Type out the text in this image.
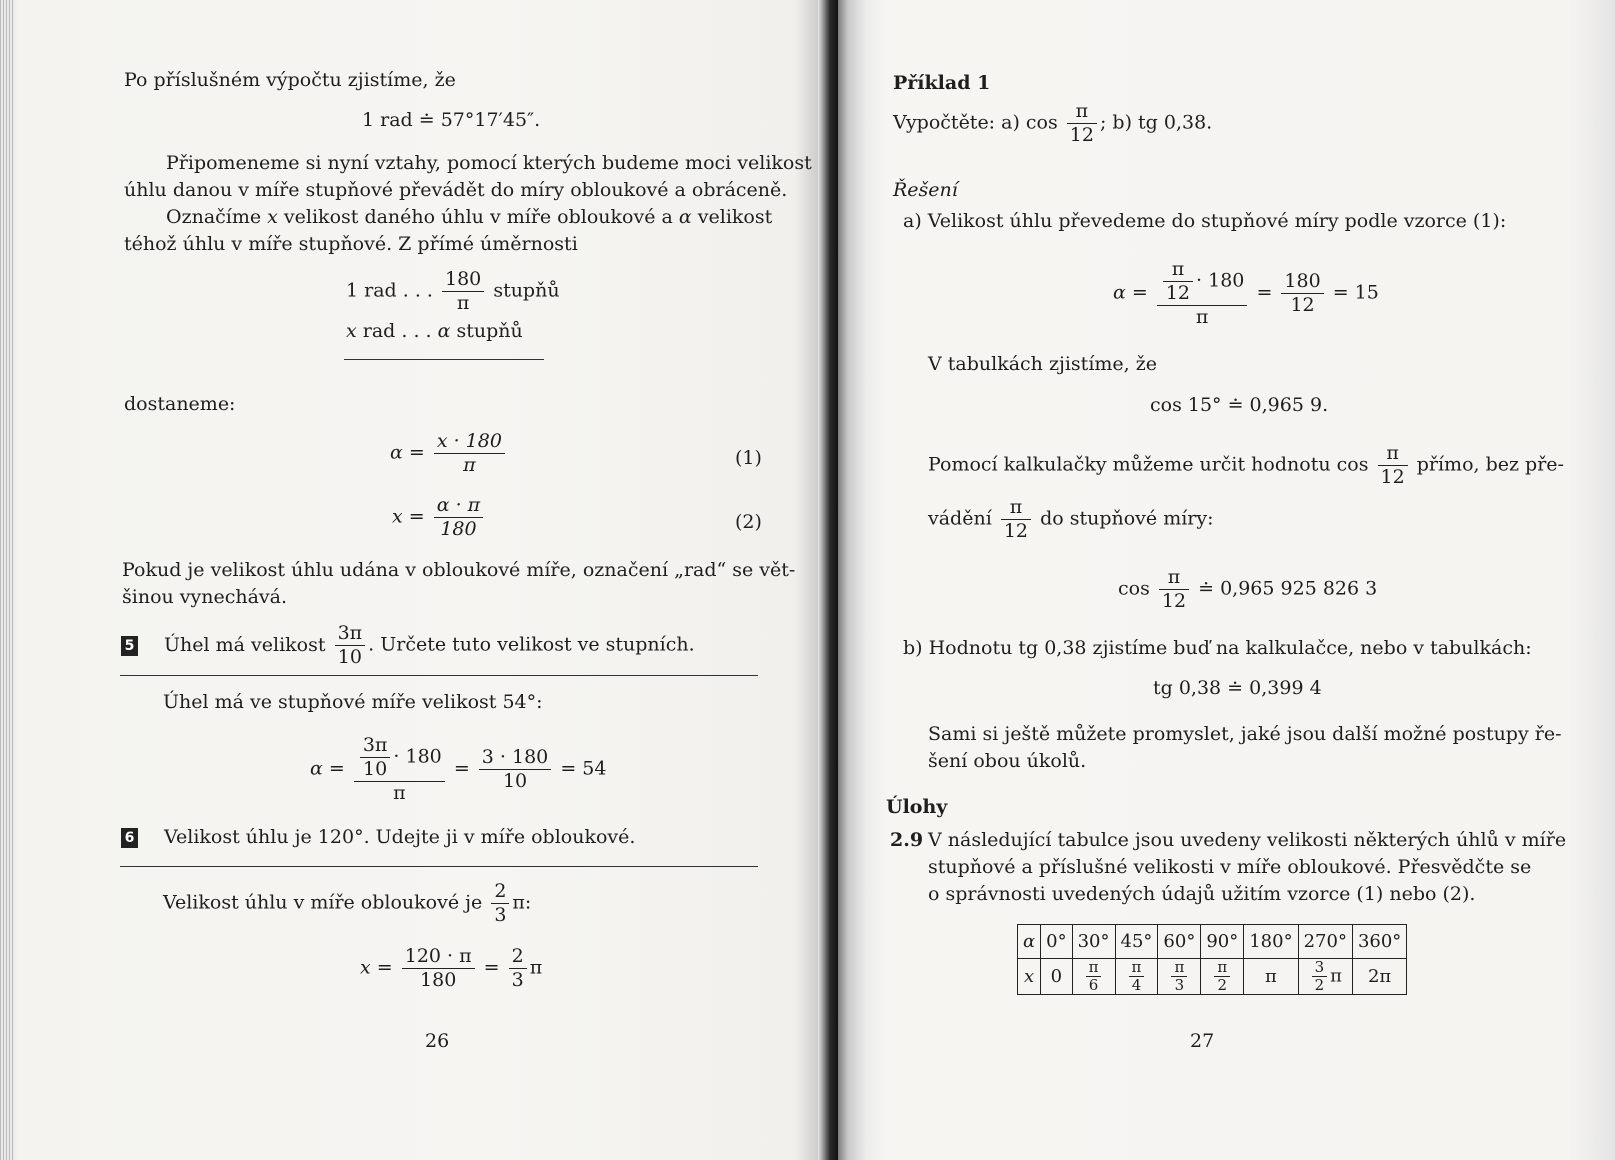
Po příslušném výpočtu zjistíme, že
1 rad ≐ 57°17′45″.
Připomeneme si nyní vztahy, pomocí kterých budeme moci velikost
úhlu danou v míře stupňové převádět do míry obloukové a obráceně.
Označíme x velikost daného úhlu v míře obloukové a α velikost
téhož úhlu v míře stupňové. Z přímé úměrnosti
1 rad . . . $\frac{180}{\pi}$ stupňů
x rad . . . α stupňů
dostaneme:
$\alpha = \frac{x \cdot 180}{\pi}$	(1)
$x = \frac{\alpha \cdot \pi}{180}$	(2)
Pokud je velikost úhlu udána v obloukové míře, označení „rad“ se vět-
šinou vynechává.
5 Úhel má velikost $\frac{3\pi}{10}$ . Určete tuto velikost ve stupních.
Úhel má ve stupňové míře velikost 54°:
$\alpha = \frac{\frac{3\pi}{10} \cdot 180}{\pi} = \frac{3 \cdot 180}{10} = 54$
6 Velikost úhlu je 120°. Udejte ji v míře obloukové.
Velikost úhlu v míře obloukové je $\frac{2}{3} \pi$:
$x = \frac{120 \cdot \pi}{180} = \frac{2}{3}$ π
26
Příklad 1
Vypočtěte: a) $\cos \frac{\pi}{12}$ ; b) tg 0,38.
Řešení
a) Velikost úhlu převedeme do stupňové míry podle vzorce (1):
$\alpha = \frac{\frac{\pi}{12} \cdot 180}{\pi} = \frac{180}{12} = 15$
V tabulkách zjistíme, že
cos 15° ≐ 0,965 9.
Pomocí kalkulačky můžeme určit hodnotu $\cos \frac{\pi}{12}$ přímo, bez pře-
vádění $\frac{\pi}{12}$ do stupňové míry:
$\cos \frac{\pi}{12}$ ≐ 0,965 925 826 3
b) Hodnotu tg 0,38 zjistíme buď na kalkulačce, nebo v tabulkách:
tg 0,38 ≐ 0,399 4
Sami si ještě můžete promyslet, jaké jsou další možné postupy ře-
šení obou úkolů.
Úlohy
2.9 V následující tabulce jsou uvedeny velikosti některých úhlů v míře
stupňové a příslušné velikosti v míře obloukové. Přesvědčte se
o správnosti uvedených údajů užitím vzorce (1) nebo (2).
α	0°	30°	45°	60°	90°	180°	270°	360°
x	0	$\frac{\pi}{6}$	$\frac{\pi}{4}$	$\frac{\pi}{3}$	$\frac{\pi}{2}$	π	$\frac{3}{2}$ π	2π
27
